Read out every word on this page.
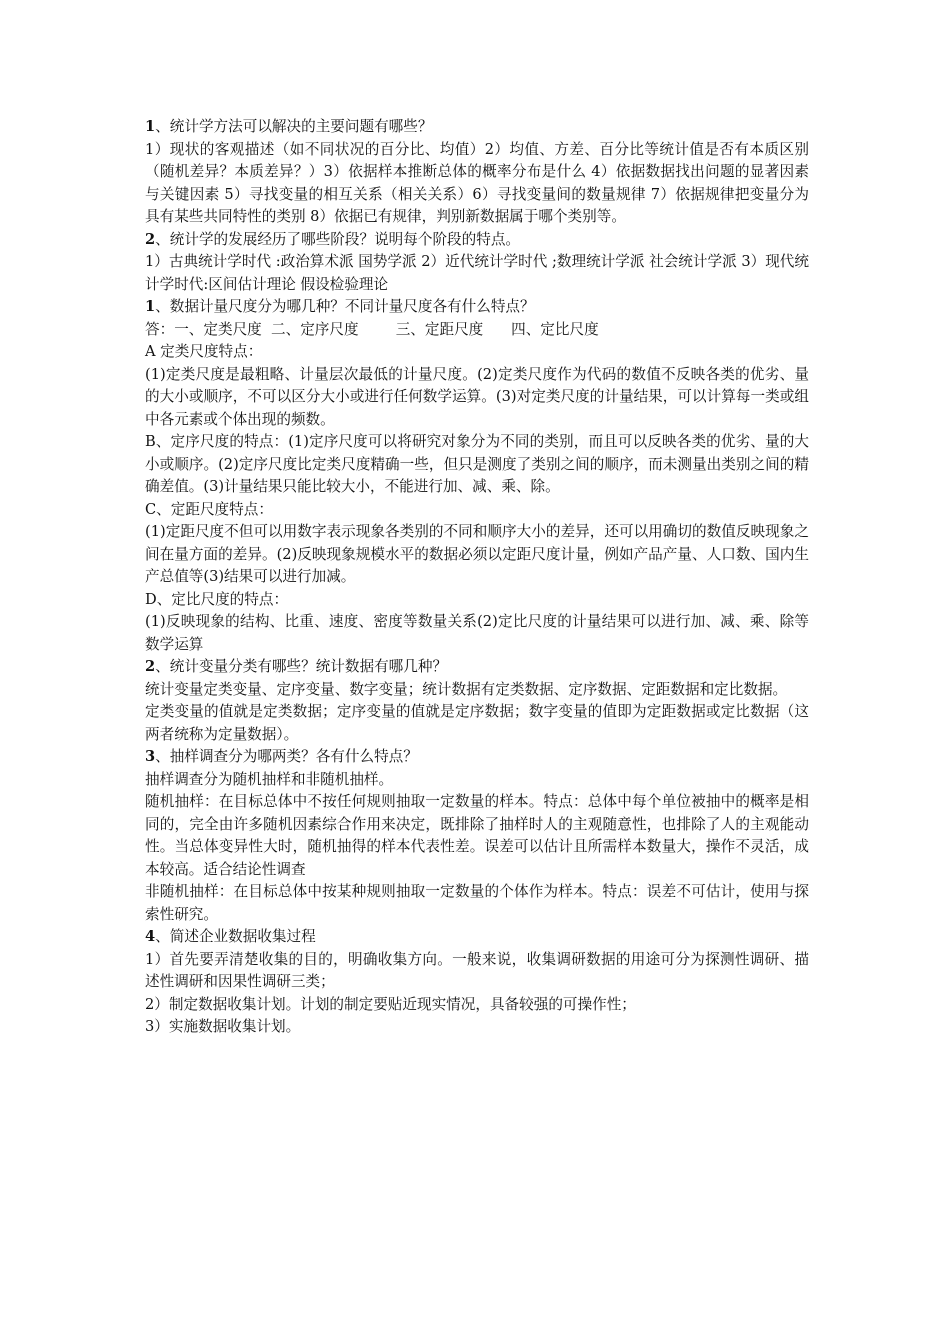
1、统计学方法可以解决的主要问题有哪些？

1）现状的客观描述（如不同状况的百分比、均值）2）均值、方差、百分比等统计值是否有本质区别（随机差异？本质差异？）3）依据样本推断总体的概率分布是什么 4）依据数据找出问题的显著因素与关键因素 5）寻找变量的相互关系（相关关系）6）寻找变量间的数量规律 7）依据规律把变量分为具有某些共同特性的类别 8）依据已有规律，判别新数据属于哪个类别等。

2、统计学的发展经历了哪些阶段？说明每个阶段的特点。

1）古典统计学时代 :政治算术派 国势学派 2）近代统计学时代 ;数理统计学派 社会统计学派 3）现代统计学时代:区间估计理论 假设检验理论

1、数据计量尺度分为哪几种？不同计量尺度各有什么特点？

答：一、定类尺度  二、定序尺度        三、定距尺度      四、定比尺度

A 定类尺度特点：

(1)定类尺度是最粗略、计量层次最低的计量尺度。(2)定类尺度作为代码的数值不反映各类的优劣、量的大小或顺序，不可以区分大小或进行任何数学运算。(3)对定类尺度的计量结果，可以计算每一类或组中各元素或个体出现的频数。

B、定序尺度的特点：(1)定序尺度可以将研究对象分为不同的类别，而且可以反映各类的优劣、量的大小或顺序。(2)定序尺度比定类尺度精确一些，但只是测度了类别之间的顺序，而未测量出类别之间的精确差值。(3)计量结果只能比较大小，不能进行加、减、乘、除。

C、定距尺度特点：

(1)定距尺度不但可以用数字表示现象各类别的不同和顺序大小的差异，还可以用确切的数值反映现象之间在量方面的差异。(2)反映现象规模水平的数据必须以定距尺度计量，例如产品产量、人口数、国内生产总值等(3)结果可以进行加减。

D、定比尺度的特点：

(1)反映现象的结构、比重、速度、密度等数量关系(2)定比尺度的计量结果可以进行加、减、乘、除等数学运算

2、统计变量分类有哪些？统计数据有哪几种？

统计变量定类变量、定序变量、数字变量；统计数据有定类数据、定序数据、定距数据和定比数据。

定类变量的值就是定类数据；定序变量的值就是定序数据；数字变量的值即为定距数据或定比数据（这两者统称为定量数据）。

3、抽样调查分为哪两类？各有什么特点？

抽样调查分为随机抽样和非随机抽样。

随机抽样：在目标总体中不按任何规则抽取一定数量的样本。特点：总体中每个单位被抽中的概率是相同的，完全由许多随机因素综合作用来决定，既排除了抽样时人的主观随意性，也排除了人的主观能动性。当总体变异性大时，随机抽得的样本代表性差。误差可以估计且所需样本数量大，操作不灵活，成本较高。适合结论性调查

非随机抽样：在目标总体中按某种规则抽取一定数量的个体作为样本。特点：误差不可估计，使用与探索性研究。

4、简述企业数据收集过程

1）首先要弄清楚收集的目的，明确收集方向。一般来说，收集调研数据的用途可分为探测性调研、描述性调研和因果性调研三类；

2）制定数据收集计划。计划的制定要贴近现实情况，具备较强的可操作性；

3）实施数据收集计划。
